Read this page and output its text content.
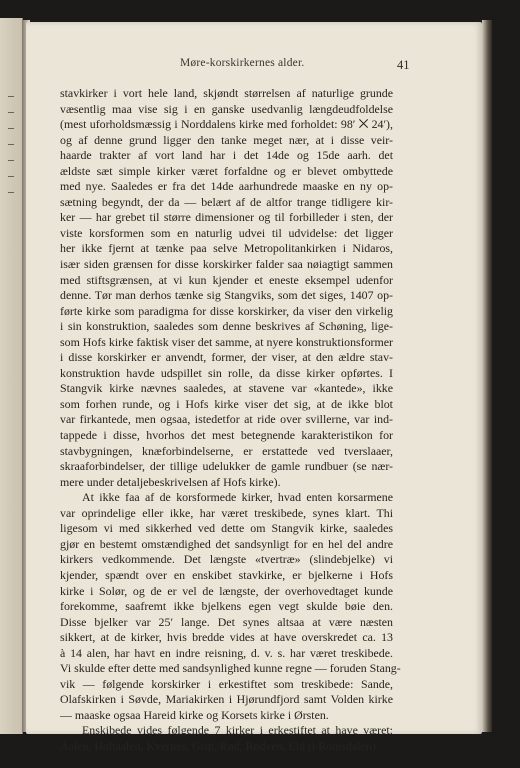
Møre-korskirkernes alder.	41
stavkirker i vort hele land, skjøndt størrelsen af naturlige grunde
væsentlig maa vise sig i en ganske usedvanlig længdeudfoldelse
(mest uforholdsmæssig i Norddalens kirke med forholdet: 98′ ⨉ 24′),
og af denne grund ligger den tanke meget nær, at i disse veir-
haarde trakter af vort land har i det 14de og 15de aarh. det
ældste sæt simple kirker været forfaldne og er blevet ombyttede
med nye. Saaledes er fra det 14de aarhundrede maaske en ny op-
sætning begyndt, der da — belært af de altfor trange tidligere kir-
ker — har grebet til større dimensioner og til forbilleder i sten, der
viste korsformen som en naturlig udvei til udvidelse: det ligger
her ikke fjernt at tænke paa selve Metropolitankirken i Nidaros,
især siden grænsen for disse korskirker falder saa nøiagtigt sammen
med stiftsgrænsen, at vi kun kjender et eneste eksempel udenfor
denne. Tør man derhos tænke sig Stangviks, som det siges, 1407 op-
førte kirke som paradigma for disse korskirker, da viser den virkelig
i sin konstruktion, saaledes som denne beskrives af Schøning, lige-
som Hofs kirke faktisk viser det samme, at nyere konstruktionsformer
i disse korskirker er anvendt, former, der viser, at den ældre stav-
konstruktion havde udspillet sin rolle, da disse kirker opførtes. I
Stangvik kirke nævnes saaledes, at stavene var «kantede», ikke
som forhen runde, og i Hofs kirke viser det sig, at de ikke blot
var firkantede, men ogsaa, istedetfor at ride over svillerne, var ind-
tappede i disse, hvorhos det mest betegnende karakteristikon for
stavbygningen, knæforbindelserne, er erstattede ved tverslaaer,
skraaforbindelser, der tillige udelukker de gamle rundbuer (se nær-
mere under detaljebeskrivelsen af Hofs kirke).
At ikke faa af de korsformede kirker, hvad enten korsarmene
var oprindelige eller ikke, har været treskibede, synes klart. Thi
ligesom vi med sikkerhed ved dette om Stangvik kirke, saaledes
gjør en bestemt omstændighed det sandsynligt for en hel del andre
kirkers vedkommende. Det længste «tvertræ» (slindebjelke) vi
kjender, spændt over en enskibet stavkirke, er bjelkerne i Hofs
kirke i Solør, og de er vel de længste, der overhovedtaget kunde
forekomme, saafremt ikke bjelkens egen vegt skulde bøie den.
Disse bjelker var 25′ lange. Det synes altsaa at være næsten
sikkert, at de kirker, hvis bredde vides at have overskredet ca. 13
à 14 alen, har havt en indre reisning, d. v. s. har været treskibede.
Vi skulde efter dette med sandsynlighed kunne regne — foruden Stang-
vik — følgende korskirker i erkestiftet som treskibede: Sande,
Olafskirken i Søvde, Mariakirken i Hjørundfjord samt Volden kirke
— maaske ogsaa Hareid kirke og Korsets kirke i Ørsten.
Enskibede vides følgende 7 kirker i erkestiftet at have været:
Aalen, Holtaalen, Kvernes, Grip, Rød, Rødven, Eid (i Romsdalen).
